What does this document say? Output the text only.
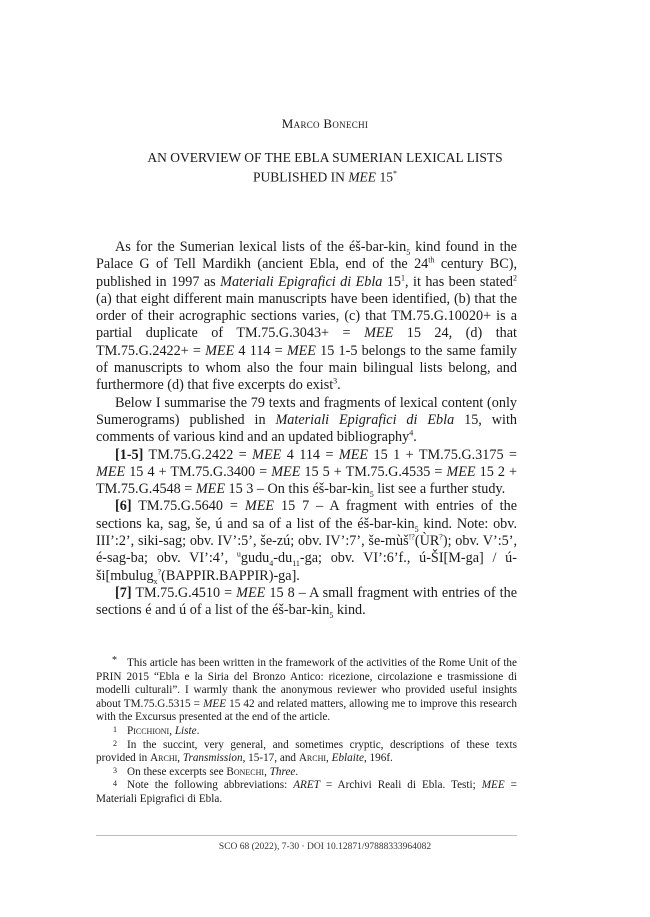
Marco Bonechi
AN OVERVIEW OF THE EBLA SUMERIAN LEXICAL LISTS
PUBLISHED IN MEE 15*

As for the Sumerian lexical lists of the éš-bar-kin$_5$ kind found in the Palace G of Tell Mardikh (ancient Ebla, end of the 24th century BC), published in 1997 as Materiali Epigrafici di Ebla $15^1$, it has been stated$^2$ (a) that eight different main manuscripts have been identified, (b) that the order of their acrographic sections varies, (c) that TM.75.G.10020+ is a partial duplicate of TM.75.G.3043+ = MEE 15 24, (d) that TM.75.G.2422+ = MEE 4 114 = MEE 15 1-5 belongs to the same family of manuscripts to whom also the four main bilingual lists belong, and furthermore (d) that five excerpts do exist$^3$.

Below I summarise the 79 texts and fragments of lexical content (only Sumerograms) published in Materiali Epigrafici di Ebla 15, with comments of various kind and an updated bibliography$^4$.

[1-5] TM.75.G.2422 = MEE 4 114 = MEE 15 1 + TM.75.G.3175 = MEE 15 4 + TM.75.G.3400 = MEE 15 5 + TM.75.G.4535 = MEE 15 2 + TM.75.G.4548 = MEE 15 3 – On this éš-bar-kin$_5$ list see a further study.

[6] TM.75.G.5640 = MEE 15 7 – A fragment with entries of the sections ka, sag, še, ú and sa of a list of the éš-bar-kin$_5$ kind. Note: obv. III’:2’, siki-sag; obv. IV’:5’, še-zú; obv. IV’:7’, še-mùš!?(ÙR?); obv. V’:5’, é-sag-ba; obv. VI’:4’, $^ugudu_4-du_{11}-ga$; obv. VI’:6’f., ú-ŠI[M-ga] / ú-ši[mbulug$_x$?(BAPPIR.BAPPIR)-ga].

[7] TM.75.G.4510 = MEE 15 8 – A small fragment with entries of the sections é and ú of a list of the éš-bar-kin$_5$ kind.

* This article has been written in the framework of the activities of the Rome Unit of the PRIN 2015 “Ebla e la Siria del Bronzo Antico: ricezione, circolazione e trasmissione di modelli culturali”. I warmly thank the anonymous reviewer who provided useful insights about TM.75.G.5315 = MEE 15 42 and related matters, allowing me to improve this research with the Excursus presented at the end of the article.

1 Picchioni, Liste.

2 In the succint, very general, and sometimes cryptic, descriptions of these texts provided in Archi, Transmission, 15-17, and Archi, Eblaite, 196f.

3 On these excerpts see Bonechi, Three.

4 Note the following abbreviations: ARET = Archivi Reali di Ebla. Testi; MEE = Materiali Epigrafici di Ebla.

SCO 68 (2022), 7-30 · DOI 10.12871/97888333964082
